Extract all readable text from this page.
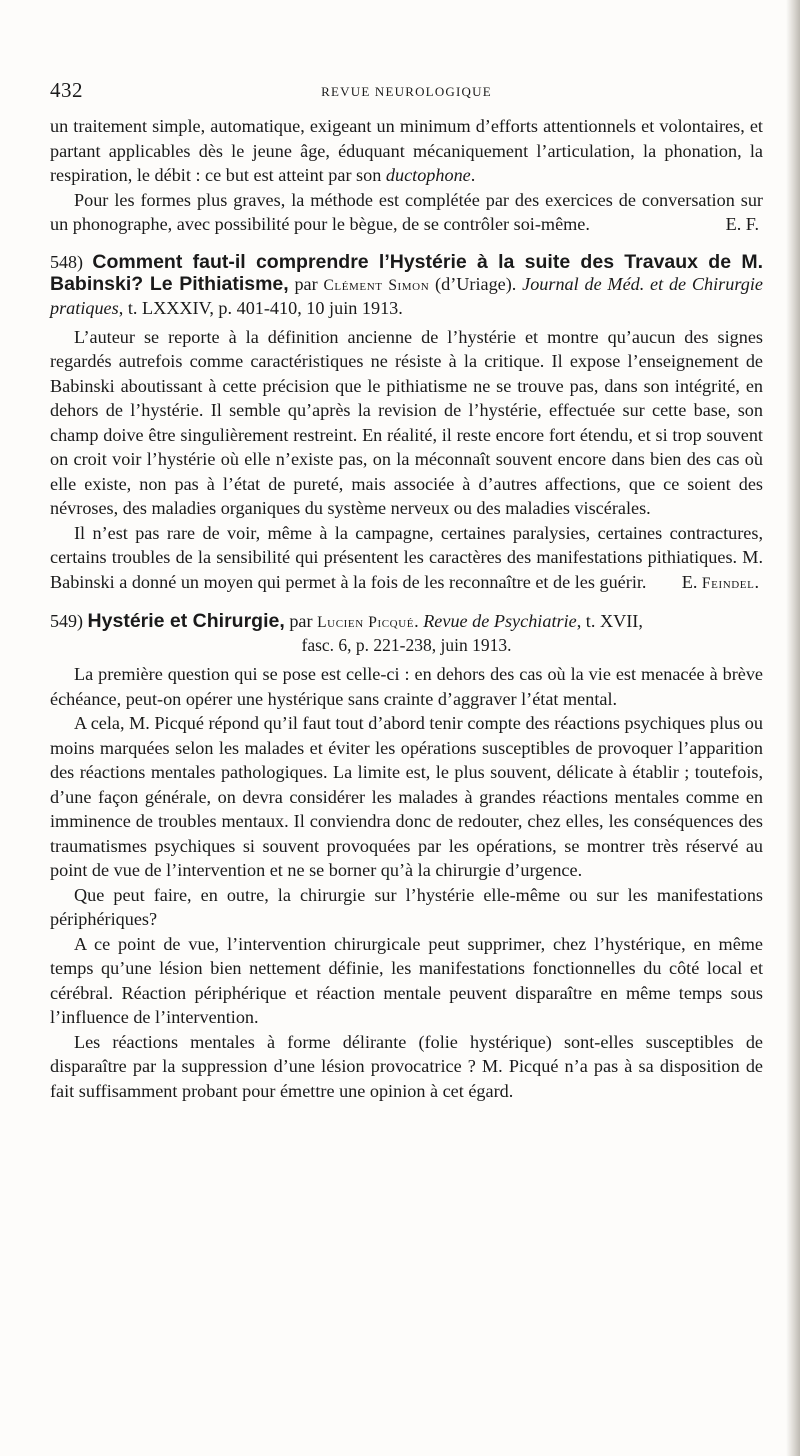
432	REVUE NEUROLOGIQUE

un traitement simple, automatique, exigeant un minimum d’efforts attentionnels et volontaires, et partant applicables dès le jeune âge, éduquant mécaniquement l’articulation, la phonation, la respiration, le débit : ce but est atteint par son ductophone.

Pour les formes plus graves, la méthode est complétée par des exercices de conversation sur un phonographe, avec possibilité pour le bègue, de se contrôler soi-même.	E. F.

548) Comment faut-il comprendre l’Hystérie à la suite des Travaux de M. Babinski? Le Pithiatisme, par Clément Simon (d’Uriage). Journal de Méd. et de Chirurgie pratiques, t. LXXXIV, p. 401-410, 10 juin 1913.

L’auteur se reporte à la définition ancienne de l’hystérie et montre qu’aucun des signes regardés autrefois comme caractéristiques ne résiste à la critique. Il expose l’enseignement de Babinski aboutissant à cette précision que le pithiatisme ne se trouve pas, dans son intégrité, en dehors de l’hystérie. Il semble qu’après la revision de l’hystérie, effectuée sur cette base, son champ doive être singulièrement restreint. En réalité, il reste encore fort étendu, et si trop souvent on croit voir l’hystérie où elle n’existe pas, on la méconnaît souvent encore dans bien des cas où elle existe, non pas à l’état de pureté, mais associée à d’autres affections, que ce soient des névroses, des maladies organiques du système nerveux ou des maladies viscérales.

Il n’est pas rare de voir, même à la campagne, certaines paralysies, certaines contractures, certains troubles de la sensibilité qui présentent les caractères des manifestations pithiatiques. M. Babinski a donné un moyen qui permet à la fois de les reconnaître et de les guérir.	E. Feindel.

549) Hystérie et Chirurgie, par Lucien Picqué. Revue de Psychiatrie, t. XVII,
fasc. 6, p. 221-238, juin 1913.

La première question qui se pose est celle-ci : en dehors des cas où la vie est menacée à brève échéance, peut-on opérer une hystérique sans crainte d’aggraver l’état mental.

A cela, M. Picqué répond qu’il faut tout d’abord tenir compte des réactions psychiques plus ou moins marquées selon les malades et éviter les opérations susceptibles de provoquer l’apparition des réactions mentales pathologiques. La limite est, le plus souvent, délicate à établir ; toutefois, d’une façon générale, on devra considérer les malades à grandes réactions mentales comme en imminence de troubles mentaux. Il conviendra donc de redouter, chez elles, les conséquences des traumatismes psychiques si souvent provoquées par les opérations, se montrer très réservé au point de vue de l’intervention et ne se borner qu’à la chirurgie d’urgence.

Que peut faire, en outre, la chirurgie sur l’hystérie elle-même ou sur les manifestations périphériques?

A ce point de vue, l’intervention chirurgicale peut supprimer, chez l’hystérique, en même temps qu’une lésion bien nettement définie, les manifestations fonctionnelles du côté local et cérébral. Réaction périphérique et réaction mentale peuvent disparaître en même temps sous l’influence de l’intervention.

Les réactions mentales à forme délirante (folie hystérique) sont-elles susceptibles de disparaître par la suppression d’une lésion provocatrice ? M. Picqué n’a pas à sa disposition de fait suffisamment probant pour émettre une opinion à cet égard.
